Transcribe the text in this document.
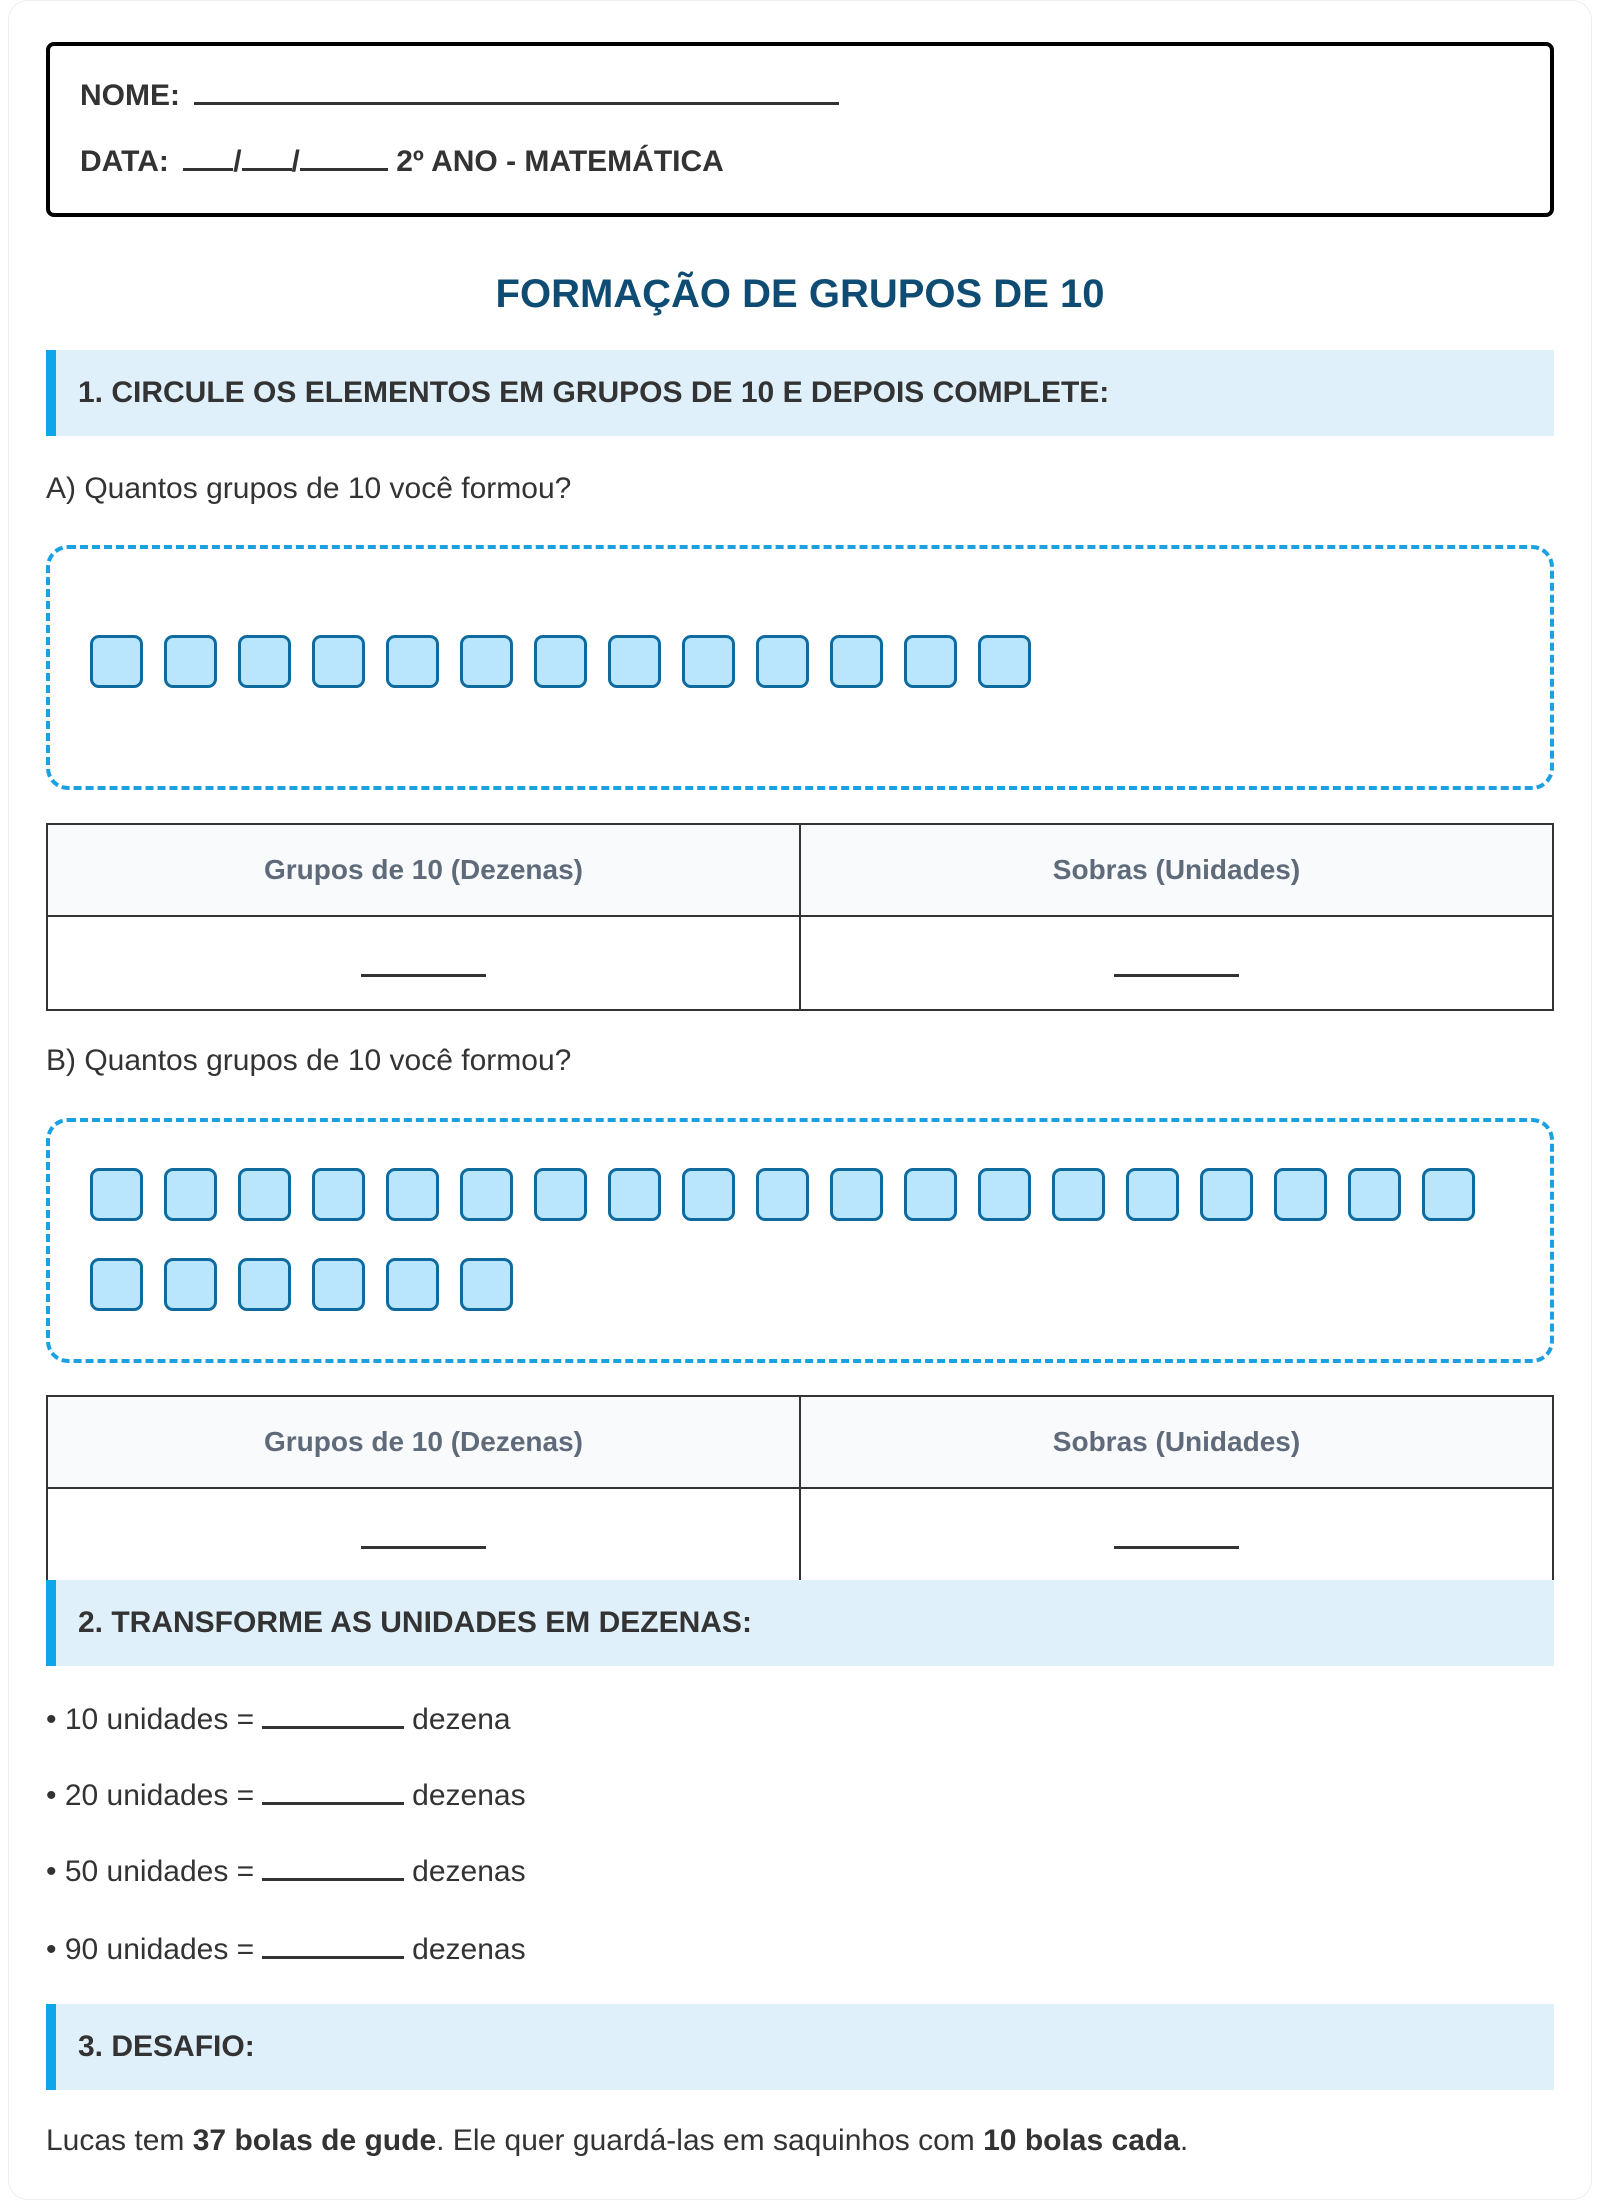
NOME:
DATA: / /	2º ANO - MATEMÁTICA
FORMAÇÃO DE GRUPOS DE 10
1. CIRCULE OS ELEMENTOS EM GRUPOS DE 10 E DEPOIS COMPLETE:
A) Quantos grupos de 10 você formou?
Grupos de 10 (Dezenas)	Sobras (Unidades)

B) Quantos grupos de 10 você formou?
Grupos de 10 (Dezenas)	Sobras (Unidades)

2. TRANSFORME AS UNIDADES EM DEZENAS:
• 10 unidades =	dezena
• 20 unidades =	dezenas
• 50 unidades =	dezenas
• 90 unidades =	dezenas
3. DESAFIO:
Lucas tem 37 bolas de gude. Ele quer guardá-las em saquinhos com 10 bolas cada.
